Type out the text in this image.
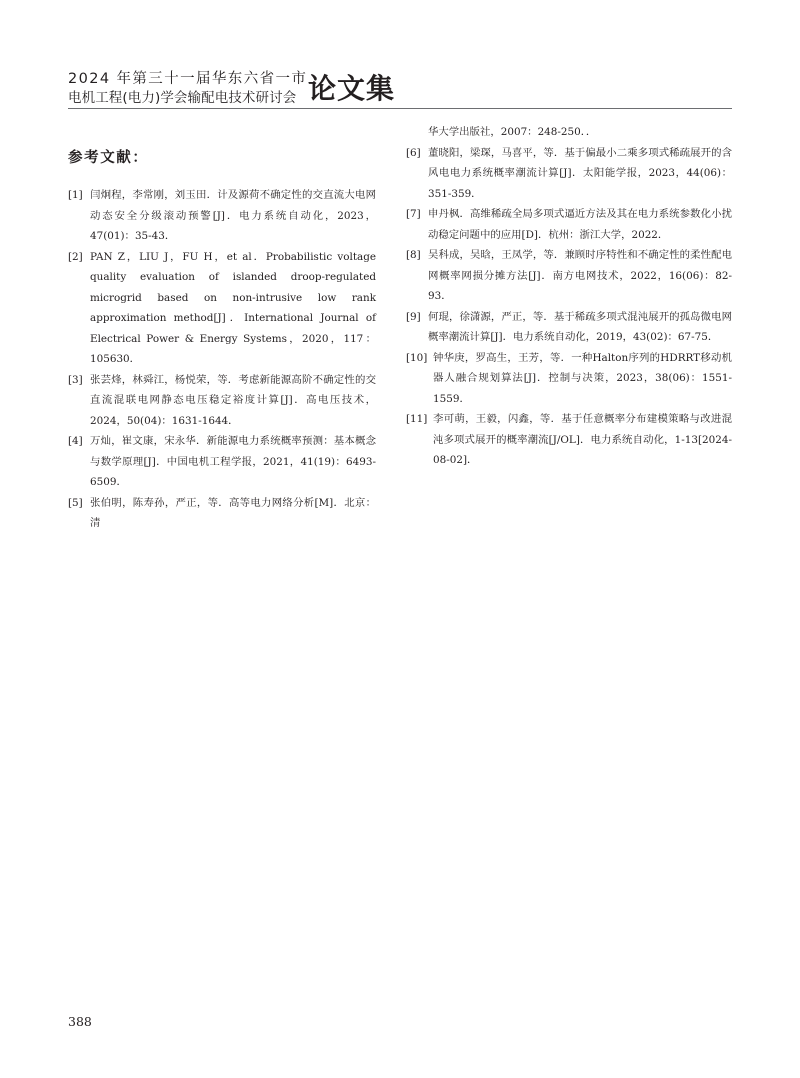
2024 年第三十一届华东六省一市
电机工程(电力)学会输配电技术研讨会 论文集
参考文献：
[1] 闫炯程，李常刚，刘玉田．计及源荷不确定性的交直流大电网动态安全分级滚动预警[J]．电力系统自动化，2023，47(01)：35-43．
[2] PAN Z，LIU J，FU H，et al．Probabilistic voltage quality evaluation of islanded droop-regulated microgrid based on non-intrusive low rank approximation method[J]．International Journal of Electrical Power & Energy Systems，2020，117：105630．
[3] 张芸烽，林舜江，杨悦荣，等．考虑新能源高阶不确定性的交直流混联电网静态电压稳定裕度计算[J]．高电压技术，2024，50(04)：1631-1644．
[4] 万灿，崔文康，宋永华．新能源电力系统概率预测：基本概念与数学原理[J]．中国电机工程学报，2021，41(19)：6493-6509．
[5] 张伯明，陈寿孙，严正，等．高等电力网络分析[M]．北京：清
华大学出版社，2007：248-250．．
[6] 董晓阳，梁琛，马喜平，等．基于偏最小二乘多项式稀疏展开的含风电电力系统概率潮流计算[J]．太阳能学报，2023，44(06)：351-359．
[7] 申丹枫．高维稀疏全局多项式逼近方法及其在电力系统参数化小扰动稳定问题中的应用[D]．杭州：浙江大学，2022．
[8] 吴科成，吴晗，王凤学，等．兼顾时序特性和不确定性的柔性配电网概率网损分摊方法[J]．南方电网技术，2022，16(06)：82-93．
[9] 何琨，徐潇源，严正，等．基于稀疏多项式混沌展开的孤岛微电网概率潮流计算[J]．电力系统自动化，2019，43(02)：67-75．
[10] 钟华庚，罗高生，王芳，等．一种Halton序列的HDRRT移动机器人融合规划算法[J]．控制与决策，2023，38(06)：1551-1559．
[11] 李可萌，王毅，闪鑫，等．基于任意概率分布建模策略与改进混沌多项式展开的概率潮流[J/OL]．电力系统自动化，1-13[2024-08-02]．
388
